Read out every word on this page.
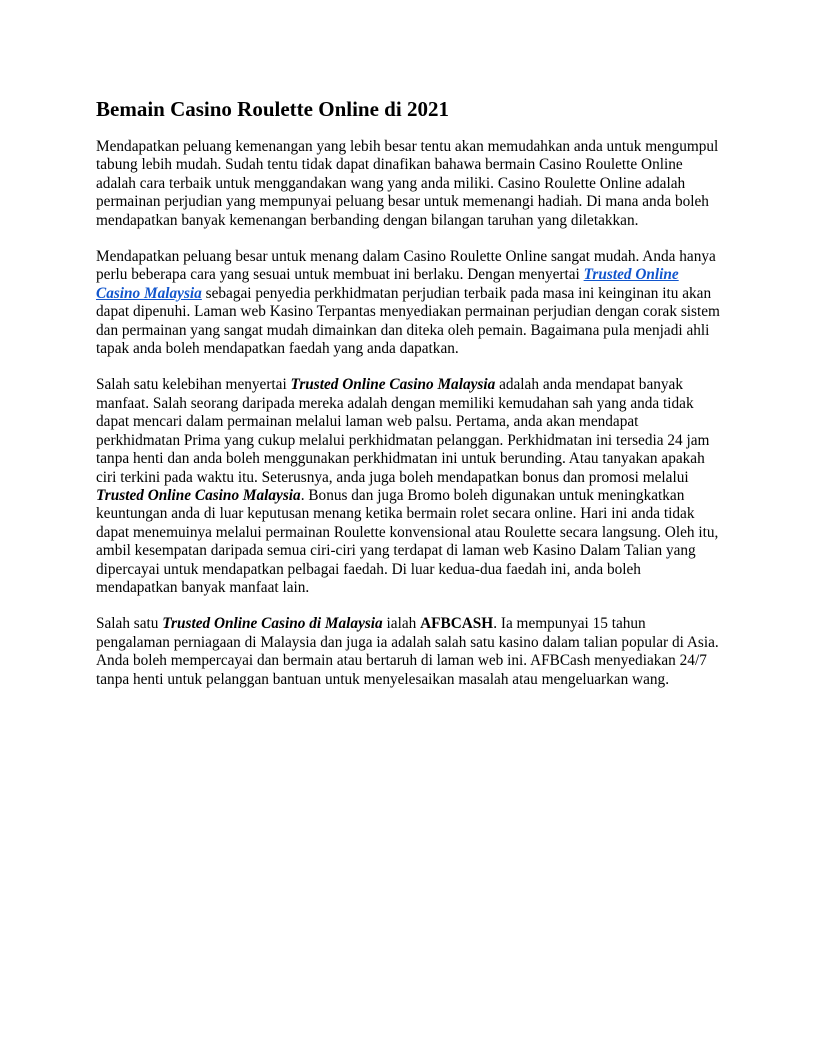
Bemain Casino Roulette Online di 2021

Mendapatkan peluang kemenangan yang lebih besar tentu akan memudahkan anda untuk mengumpul tabung lebih mudah. Sudah tentu tidak dapat dinafikan bahawa bermain Casino Roulette Online adalah cara terbaik untuk menggandakan wang yang anda miliki. Casino Roulette Online adalah permainan perjudian yang mempunyai peluang besar untuk memenangi hadiah. Di mana anda boleh mendapatkan banyak kemenangan berbanding dengan bilangan taruhan yang diletakkan.

Mendapatkan peluang besar untuk menang dalam Casino Roulette Online sangat mudah. Anda hanya perlu beberapa cara yang sesuai untuk membuat ini berlaku. Dengan menyertai Trusted Online Casino Malaysia sebagai penyedia perkhidmatan perjudian terbaik pada masa ini keinginan itu akan dapat dipenuhi. Laman web Kasino Terpantas menyediakan permainan perjudian dengan corak sistem dan permainan yang sangat mudah dimainkan dan diteka oleh pemain. Bagaimana pula menjadi ahli tapak anda boleh mendapatkan faedah yang anda dapatkan.

Salah satu kelebihan menyertai Trusted Online Casino Malaysia adalah anda mendapat banyak manfaat. Salah seorang daripada mereka adalah dengan memiliki kemudahan sah yang anda tidak dapat mencari dalam permainan melalui laman web palsu. Pertama, anda akan mendapat perkhidmatan Prima yang cukup melalui perkhidmatan pelanggan. Perkhidmatan ini tersedia 24 jam tanpa henti dan anda boleh menggunakan perkhidmatan ini untuk berunding. Atau tanyakan apakah ciri terkini pada waktu itu. Seterusnya, anda juga boleh mendapatkan bonus dan promosi melalui Trusted Online Casino Malaysia. Bonus dan juga Bromo boleh digunakan untuk meningkatkan keuntungan anda di luar keputusan menang ketika bermain rolet secara online. Hari ini anda tidak dapat menemuinya melalui permainan Roulette konvensional atau Roulette secara langsung. Oleh itu, ambil kesempatan daripada semua ciri-ciri yang terdapat di laman web Kasino Dalam Talian yang dipercayai untuk mendapatkan pelbagai faedah. Di luar kedua-dua faedah ini, anda boleh mendapatkan banyak manfaat lain.

Salah satu Trusted Online Casino di Malaysia ialah AFBCASH. Ia mempunyai 15 tahun pengalaman perniagaan di Malaysia dan juga ia adalah salah satu kasino dalam talian popular di Asia. Anda boleh mempercayai dan bermain atau bertaruh di laman web ini. AFBCash menyediakan 24/7 tanpa henti untuk pelanggan bantuan untuk menyelesaikan masalah atau mengeluarkan wang.
